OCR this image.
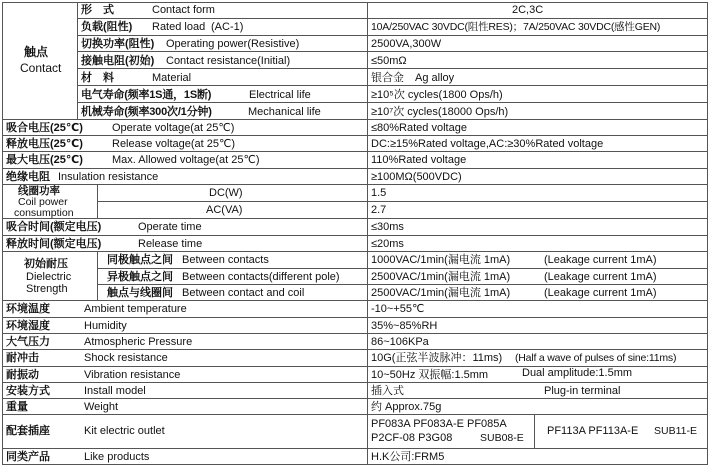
触点
Contact
形　式	Contact form	2C,3C
负载(阻性) Rated load (AC-1)	10A/250VAC 30VDC(阻性RES)；7A/250VAC 30VDC(感性GEN)
切换功率(阻性) Operating power(Resistive)	2500VA,300W
接触电阻(初始) Contact resistance(Initial)	≤50mΩ
材　料	Material	银合金　Ag alloy
电气寿命(频率1S通，1S断)	Electrical life	≥10⁵次 cycles(1800 Ops/h)
机械寿命(频率300次/1分钟)	Mechanical life	≥10⁷次 cycles(18000 Ops/h)
吸合电压(25℃)	Operate voltage(at 25℃)	≤80%Rated voltage
释放电压(25℃)	Release voltage(at 25℃)	DC:≥15%Rated voltage,AC:≥30%Rated voltage
最大电压(25℃)	Max. Allowed voltage(at 25℃)	110%Rated voltage
绝缘电阻 Insulation resistance	≥100MΩ(500VDC)
线圈功率
Coil power
consumption
DC(W)	1.5
AC(VA)	2.7
吸合时间(额定电压)	Operate time	≤30ms
释放时间(额定电压)	Release time	≤20ms
初始耐压
Dielectric
Strength
同极触点之间 Between contacts	1000VAC/1min(漏电流 1mA)	(Leakage current 1mA)
异极触点之间 Between contacts(different pole)	2500VAC/1min(漏电流 1mA)	(Leakage current 1mA)
触点与线圈间 Between contact and coil	2500VAC/1min(漏电流 1mA)	(Leakage current 1mA)
环境温度	Ambient temperature	-10~+55℃
环境湿度	Humidity	35%~85%RH
大气压力	Atmospheric Pressure	86~106KPa
耐冲击	Shock resistance	10G(正弦半波脉冲：11ms) (Half a wave of pulses of sine:11ms)
耐振动	Vibration resistance	10~50Hz 双振幅:1.5mm	Dual amplitude:1.5mm
安装方式	Install model	插入式	Plug-in terminal
重量	Weight	约 Approx.75g
配套插座	Kit electric outlet
PF083A PF083A-E PF085A
P2CF-08 P3G08	SUB08-E
PF113A PF113A-E SUB11-E
同类产品	Like products	H.K公司:FRM5
